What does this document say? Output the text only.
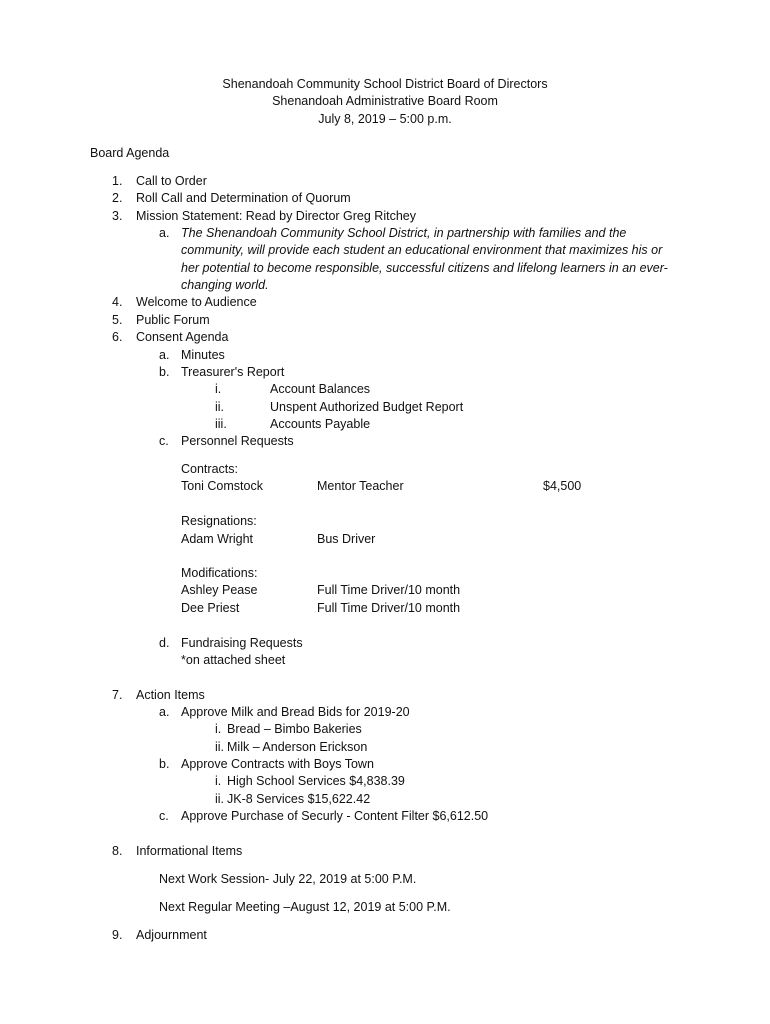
Shenandoah Community School District Board of Directors
Shenandoah Administrative Board Room
July 8, 2019 – 5:00 p.m.
Board Agenda
1. Call to Order
2. Roll Call and Determination of Quorum
3. Mission Statement: Read by Director Greg Ritchey
a. The Shenandoah Community School District, in partnership with families and the
community, will provide each student an educational environment that maximizes his or
her potential to become responsible, successful citizens and lifelong learners in an ever-
changing world.
4. Welcome to Audience
5. Public Forum
6. Consent Agenda
a. Minutes
b. Treasurer's Report
i.	Account Balances
ii.	Unspent Authorized Budget Report
iii.	Accounts Payable
c. Personnel Requests
Contracts:
Toni Comstock	Mentor Teacher	$4,500
Resignations:
Adam Wright	Bus Driver
Modifications:
Ashley Pease	Full Time Driver/10 month
Dee Priest	Full Time Driver/10 month
d. Fundraising Requests
*on attached sheet
7. Action Items
a. Approve Milk and Bread Bids for 2019-20
i. Bread – Bimbo Bakeries
ii. Milk – Anderson Erickson
b. Approve Contracts with Boys Town
i. High School Services $4,838.39
ii. JK-8 Services $15,622.42
c. Approve Purchase of Securly - Content Filter $6,612.50
8. Informational Items
Next Work Session- July 22, 2019 at 5:00 P.M.
Next Regular Meeting –August 12, 2019 at 5:00 P.M.
9. Adjournment
